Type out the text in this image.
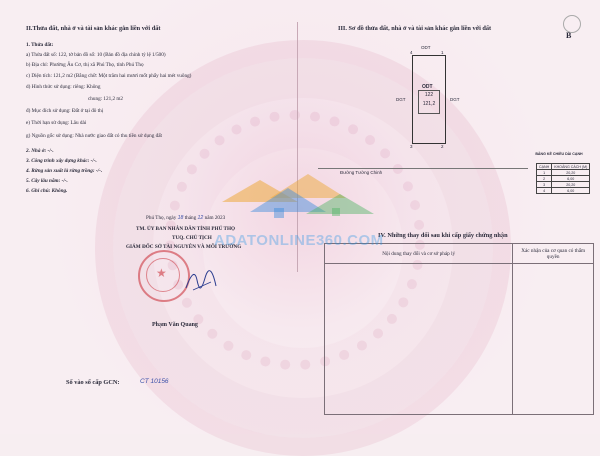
II.Thửa đất, nhà ở và tài sản khác gắn liền với đất
1. Thửa đất:
a) Thửa đất số: 122, tờ bản đồ số: 10 (Bản đồ địa chính tỷ lệ 1/500)
b) Địa chỉ: Phường Âu Cơ, thị xã Phú Thọ, tỉnh Phú Thọ
c) Diện tích: 121,2 m2 (Bằng chữ: Một trăm hai mươi mốt phẩy hai mét vuông)
d) Hình thức sử dụng: riêng: Không
chung: 121,2 m2
đ) Mục đích sử dụng: Đất ở tại đô thị
e) Thời hạn sử dụng: Lâu dài
g) Nguồn gốc sử dụng: Nhà nước giao đất có thu tiền sử dụng đất
2. Nhà ở: -/-.
3. Công trình xây dựng khác: -/-.
4. Rừng sản xuất là rừng trồng: -/-.
5. Cây lâu năm: -/-.
6. Ghi chú: Không.
Phú Thọ, ngày 18 tháng 12 năm 2023
TM. ỦY BAN NHÂN DÂN TỈNH PHÚ THỌ
TUQ. CHỦ TỊCH
GIÁM ĐỐC SỞ TÀI NGUYÊN VÀ MÔI TRƯỜNG
★
Phạm Văn Quang
Số vào số cấp GCN:	CT 10156
III. Sơ đồ thửa đất, nhà ở và tài sản khác gắn liền với đất
B
ODT
4	1
ODT
122
121,2
DGT	DGT
3	2
Đường Tường Chinh
BẢNG KÊ CHIỀU DÀI CẠNH
CẠNH	KHOẢNG CÁCH (M)
1	20,20
2	6,00
3	20,20
4	6,00
IV. Những thay đổi sau khi cấp giấy chứng nhận
Nội dung thay đổi và cơ sở pháp lý	Xác nhận của cơ quan có thẩm quyền

ADATONLINE360.COM
